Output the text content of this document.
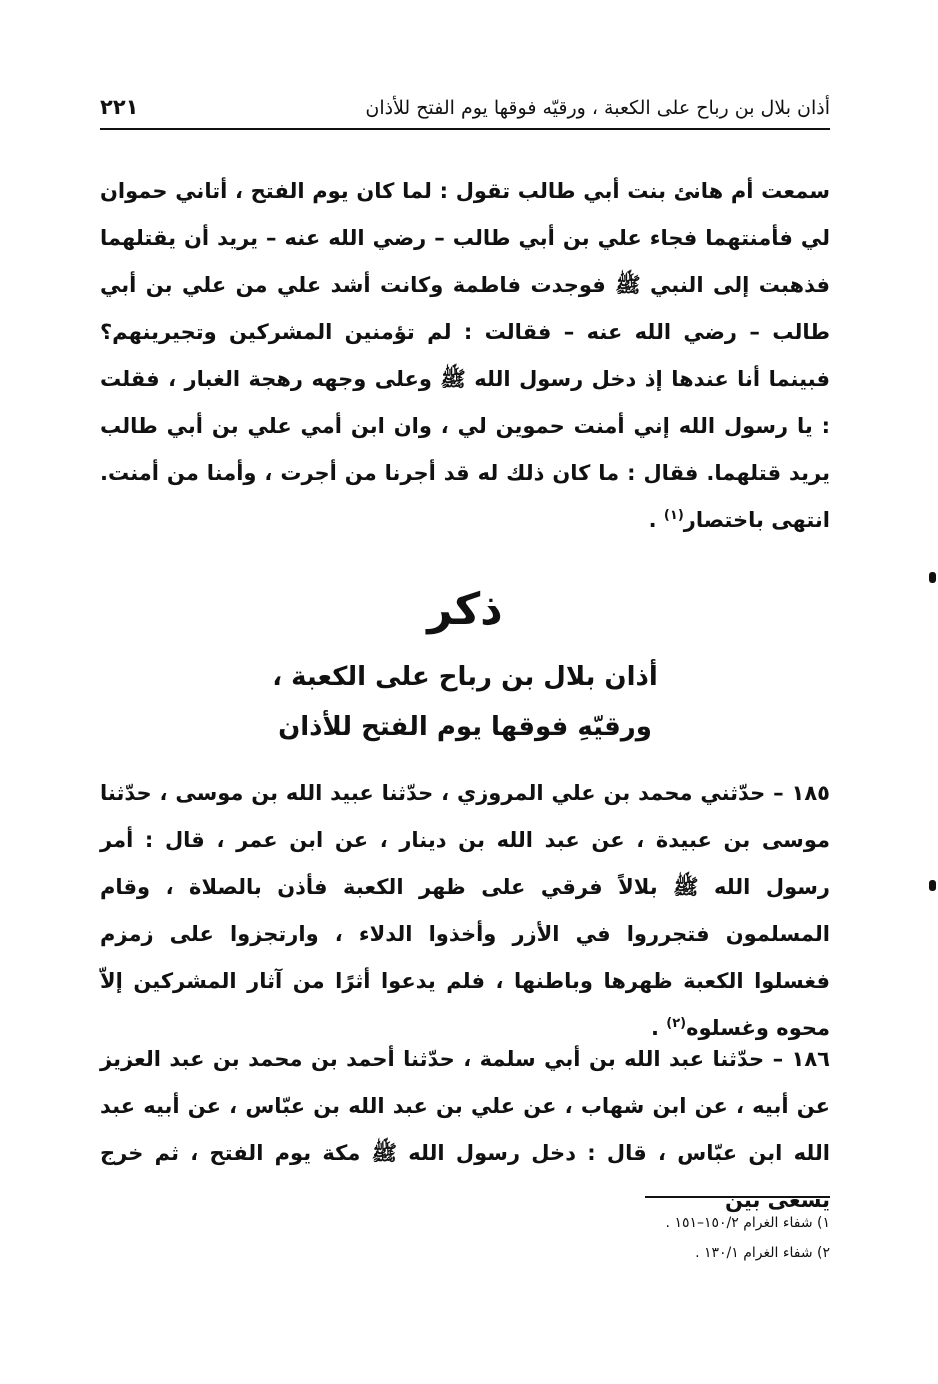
أذان بلال بن رباح على الكعبة ، ورقيّه فوقها يوم الفتح للأذان
٢٢١

سمعت أم هانئ بنت أبي طالب تقول : لما كان يوم الفتح ، أتاني حموان لي فأمنتهما فجاء علي بن أبي طالب – رضي الله عنه – يريد أن يقتلهما فذهبت إلى النبي ﷺ فوجدت فاطمة وكانت أشد علي من علي بن أبي طالب – رضي الله عنه – فقالت : لم تؤمنين المشركين وتجيرينهم؟ فبينما أنا عندها إذ دخل رسول الله ﷺ وعلى وجهه رهجة الغبار ، فقلت : يا رسول الله إني أمنت حموين لي ، وان ابن أمي علي بن أبي طالب يريد قتلهما. فقال : ما كان ذلك له قد أجرنا من أجرت ، وأمنا من أمنت. انتهى باختصار$^{(١)}$ .

ذكر
أذان بلال بن رباح على الكعبة ،
ورقيّهِ فوقها يوم الفتح للأذان

١٨٥ – حدّثني محمد بن علي المروزي ، حدّثنا عبيد الله بن موسى ، حدّثنا موسى بن عبيدة ، عن عبد الله بن دينار ، عن ابن عمر ، قال : أمر رسول الله ﷺ بلالاً فرقي على ظهر الكعبة فأذن بالصلاة ، وقام المسلمون فتجرروا في الأزر وأخذوا الدلاء ، وارتجزوا على زمزم فغسلوا الكعبة ظهرها وباطنها ، فلم يدعوا أثرًا من آثار المشركين إلاّ محوه وغسلوه$^{(٢)}$ .

١٨٦ – حدّثنا عبد الله بن أبي سلمة ، حدّثنا أحمد بن محمد بن عبد العزيز عن أبيه ، عن ابن شهاب ، عن علي بن عبد الله بن عبّاس ، عن أبيه عبد الله ابن عبّاس ، قال : دخل رسول الله ﷺ مكة يوم الفتح ، ثم خرج يسعى بين

١) شفاء الغرام ١٥٠/٢–١٥١ .
٢) شفاء الغرام ١٣٠/١ .
